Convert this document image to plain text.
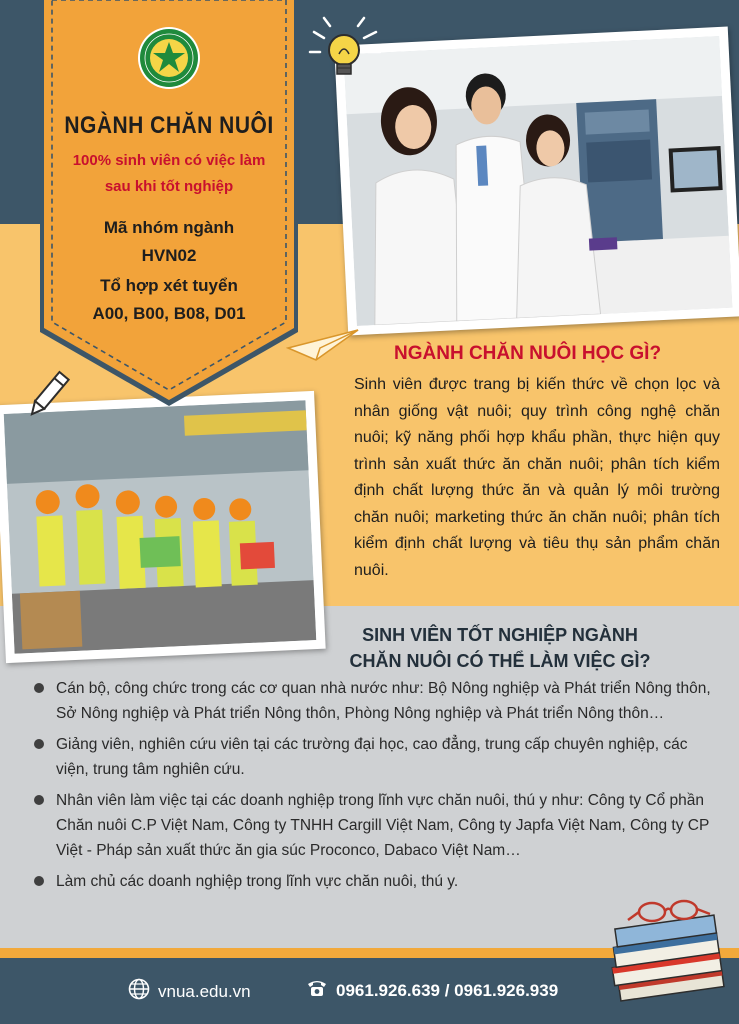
NGÀNH CHĂN NUÔI
100% sinh viên có việc làm
sau khi tốt nghiệp
Mã nhóm ngành
HVN02
Tổ hợp xét tuyển
A00, B00, B08, D01
NGÀNH CHĂN NUÔI HỌC GÌ?
Sinh viên được trang bị kiến thức về chọn lọc và nhân giống vật nuôi; quy trình công nghệ chăn nuôi; kỹ năng phối hợp khẩu phần, thực hiện quy trình sản xuất thức ăn chăn nuôi; phân tích kiểm định chất lượng thức ăn và quản lý môi trường chăn nuôi; marketing thức ăn chăn nuôi; phân tích kiểm định chất lượng và tiêu thụ sản phẩm chăn nuôi.
SINH VIÊN TỐT NGHIỆP NGÀNH
CHĂN NUÔI CÓ THỂ LÀM VIỆC GÌ?
Cán bộ, công chức trong các cơ quan nhà nước như: Bộ Nông nghiệp và Phát triển Nông thôn, Sở Nông nghiệp và Phát triển Nông thôn, Phòng Nông nghiệp và Phát triển Nông thôn…
Giảng viên, nghiên cứu viên tại các trường đại học, cao đẳng, trung cấp chuyên nghiệp, các viện, trung tâm nghiên cứu.
Nhân viên làm việc tại các doanh nghiệp trong lĩnh vực chăn nuôi, thú y như: Công ty Cổ phần Chăn nuôi C.P Việt Nam, Công ty TNHH Cargill Việt Nam, Công ty Japfa Việt Nam, Công ty CP Việt - Pháp sản xuất thức ăn gia súc Proconco, Dabaco Việt Nam…
Làm chủ các doanh nghiệp trong lĩnh vực chăn nuôi, thú y.
vnua.edu.vn	0961.926.639 / 0961.926.939
